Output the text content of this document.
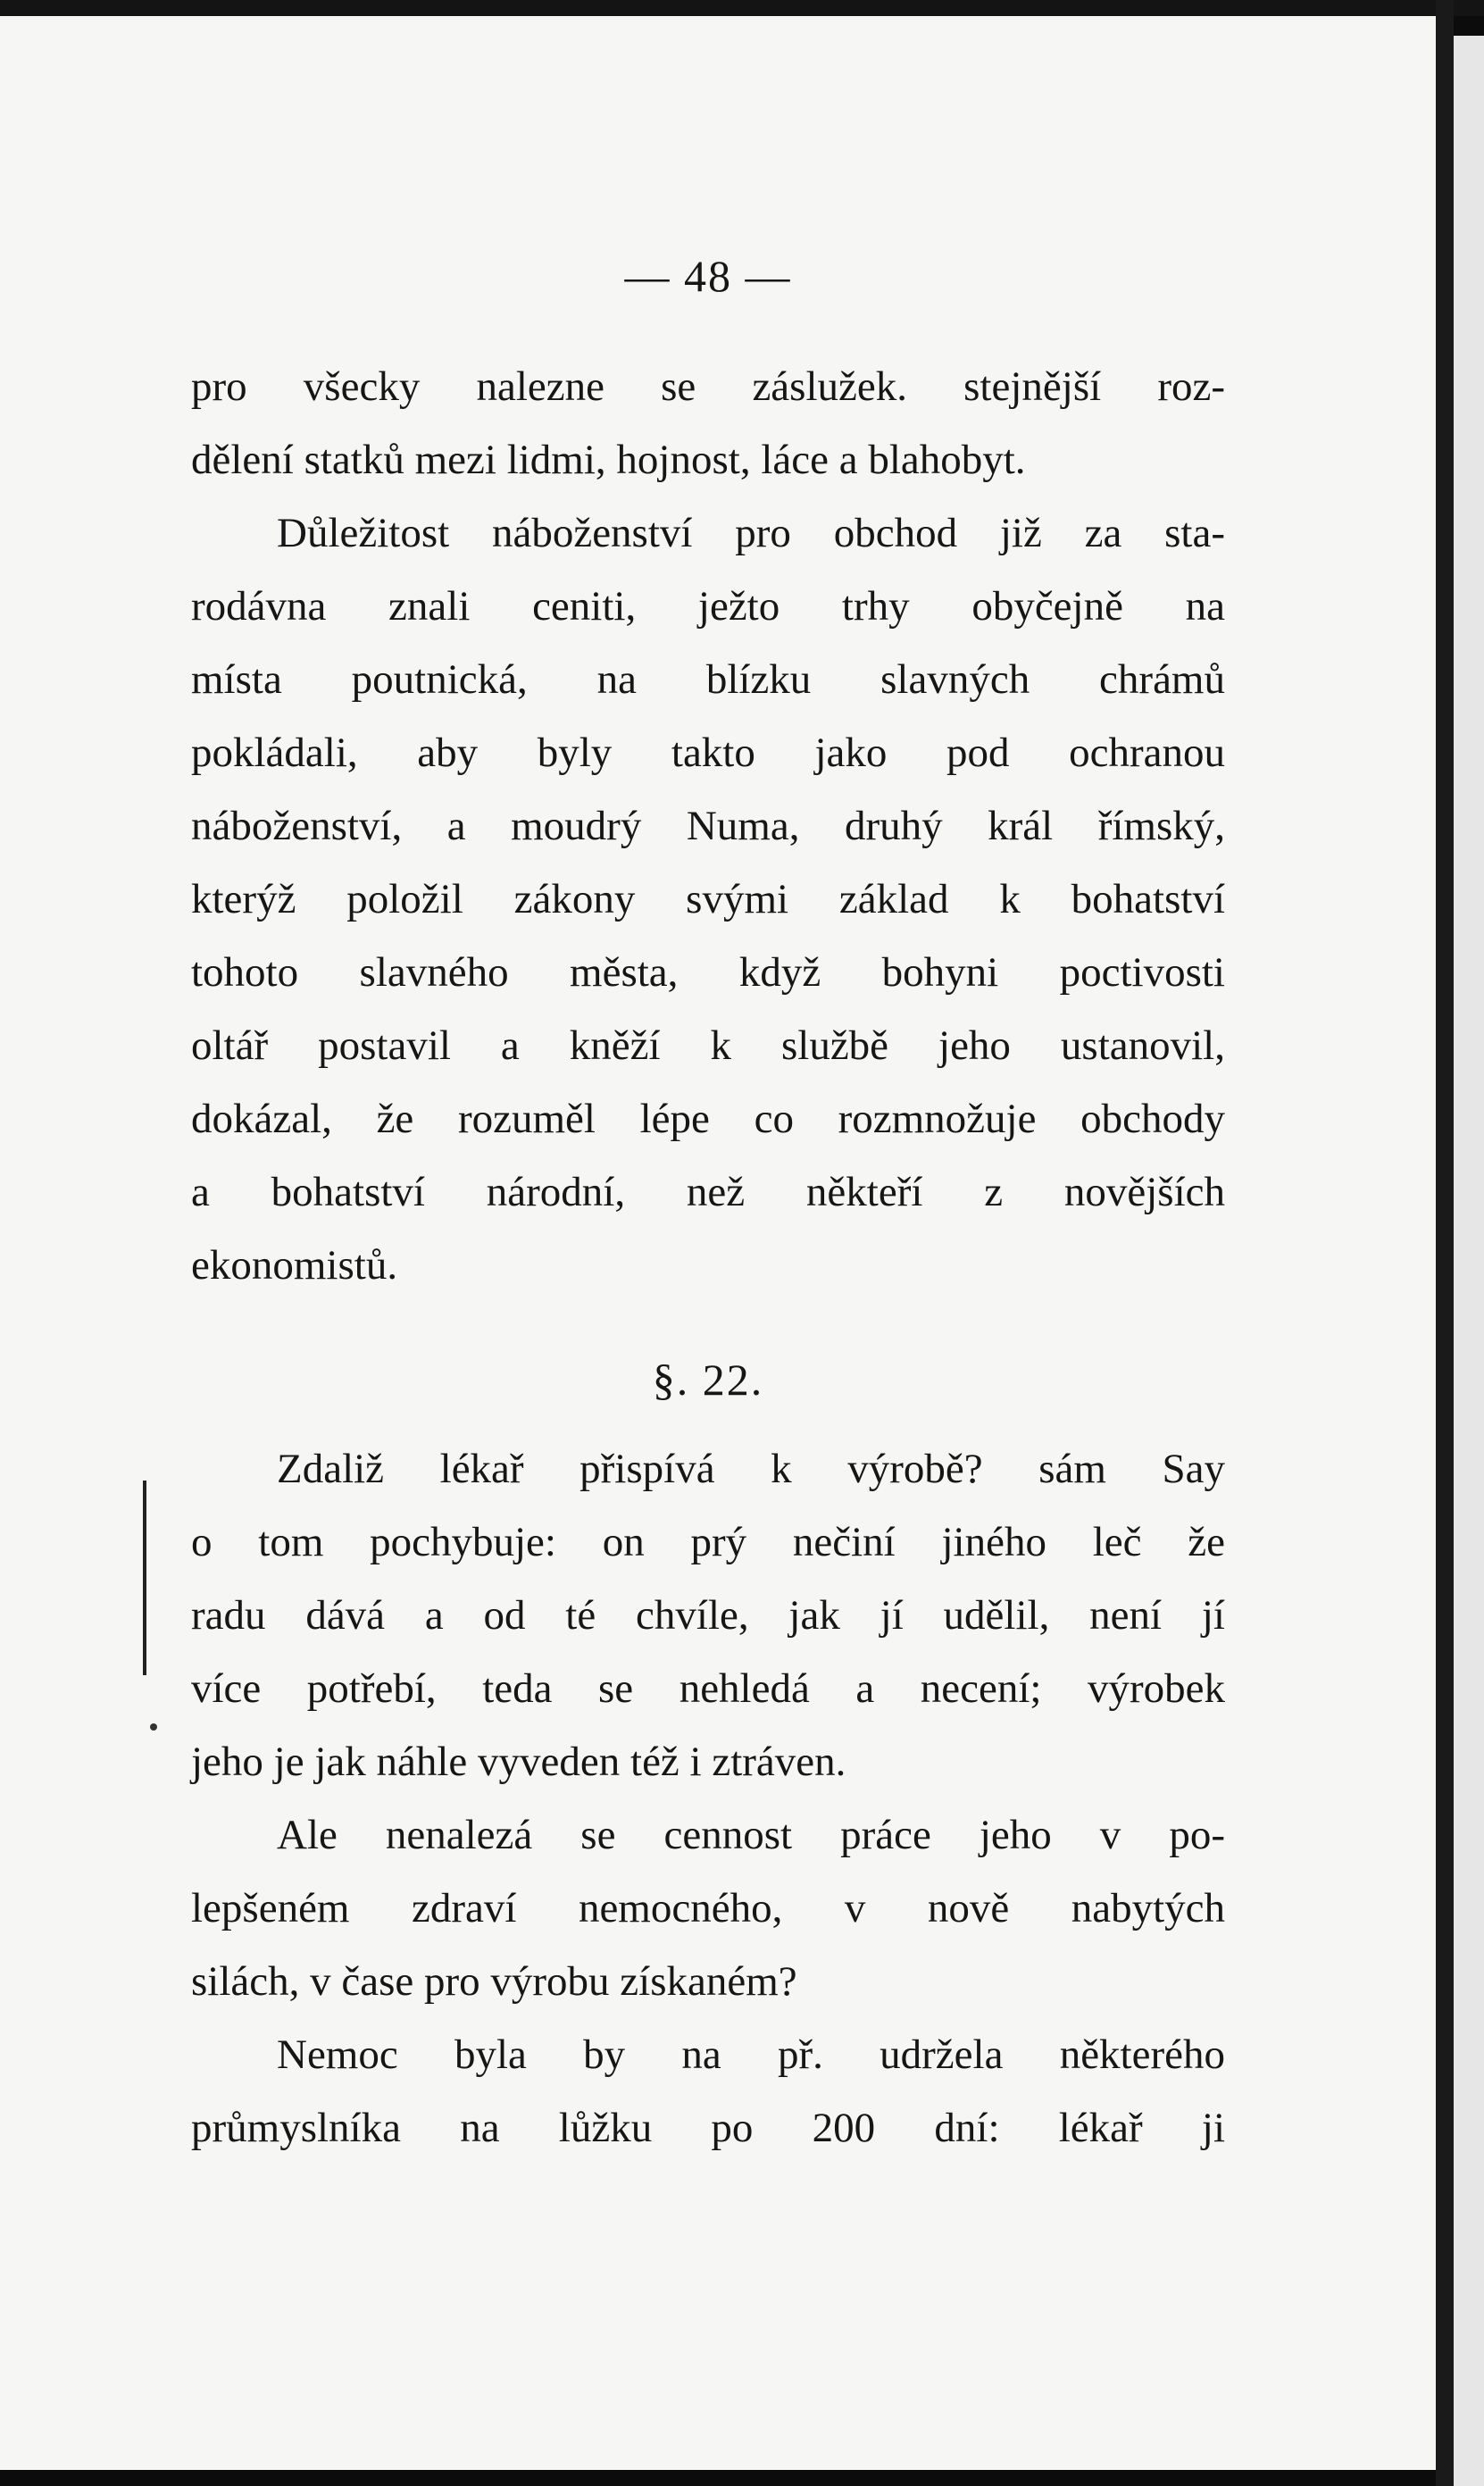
— 48 —
pro všecky nalezne se záslužek. stejnější roz-
dělení statků mezi lidmi, hojnost, láce a blahobyt.
Důležitost náboženství pro obchod již za sta-
rodávna znali ceniti, ježto trhy obyčejně na
místa poutnická, na blízku slavných chrámů
pokládali, aby byly takto jako pod ochranou
náboženství, a moudrý Numa, druhý král římský,
kterýž položil zákony svými základ k bohatství
tohoto slavného města, když bohyni poctivosti
oltář postavil a kněží k službě jeho ustanovil,
dokázal, že rozuměl lépe co rozmnožuje obchody
a bohatství národní, než někteří z novějších
ekonomistů.
§. 22.
Zdaliž lékař přispívá k výrobě? sám Say
o tom pochybuje: on prý nečiní jiného leč že
radu dává a od té chvíle, jak jí udělil, není jí
více potřebí, teda se nehledá a necení; výrobek
jeho je jak náhle vyveden též i ztráven.
Ale nenalezá se cennost práce jeho v po-
lepšeném zdraví nemocného, v nově nabytých
silách, v čase pro výrobu získaném?
Nemoc byla by na př. udržela některého
průmyslníka na lůžku po 200 dní: lékař ji
